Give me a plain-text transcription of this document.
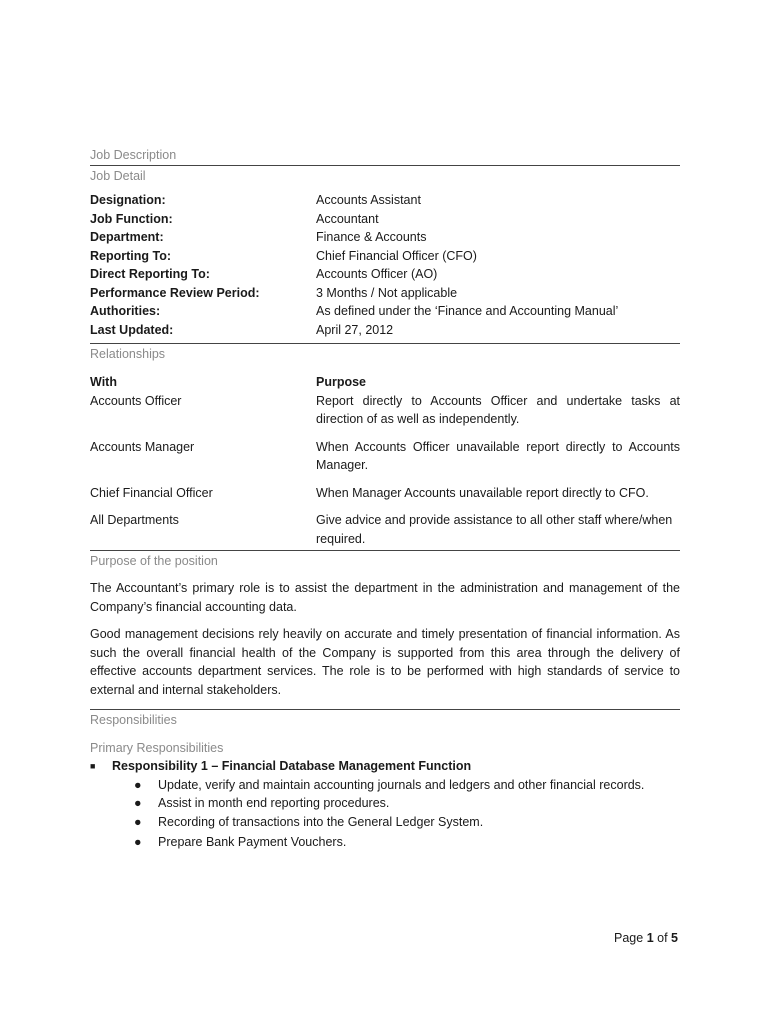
Job Description
Job Detail
Designation:	Accounts Assistant
Job Function:	Accountant
Department:	Finance & Accounts
Reporting To:	Chief Financial Officer (CFO)
Direct Reporting To:	Accounts Officer (AO)
Performance Review Period:	3 Months / Not applicable
Authorities:	As defined under the ‘Finance and Accounting Manual’
Last Updated:	April 27, 2012
Relationships
With	Purpose
Accounts Officer	Report directly to Accounts Officer and undertake tasks at direction of as well as independently.
Accounts Manager	When Accounts Officer unavailable report directly to Accounts Manager.
Chief Financial Officer	When Manager Accounts unavailable report directly to CFO.
All Departments	Give advice and provide assistance to all other staff where/when required.
Purpose of the position

The Accountant’s primary role is to assist the department in the administration and management of the Company’s financial accounting data.

Good management decisions rely heavily on accurate and timely presentation of financial information. As such the overall financial health of the Company is supported from this area through the delivery of effective accounts department services. The role is to be performed with high standards of service to external and internal stakeholders.

Responsibilities
Primary Responsibilities
■	Responsibility 1 – Financial Database Management Function
●	Update, verify and maintain accounting journals and ledgers and other financial records.
●	Assist in month end reporting procedures.
●	Recording of transactions into the General Ledger System.
●	Prepare Bank Payment Vouchers.
Page 1 of 5
